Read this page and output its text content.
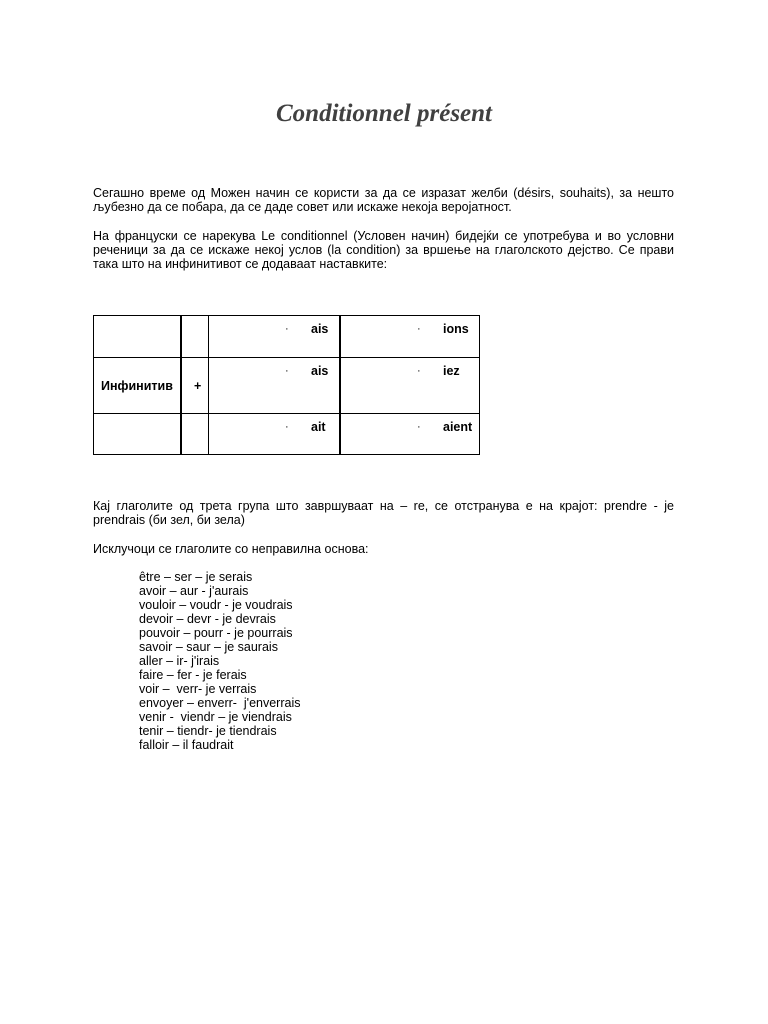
Conditionnel présent
Сегашно време од Можен начин се користи за да се изразат желби (désirs, souhaits), за нешто љубезно да се побара, да се даде совет или искаже некоја веројатност.
На француски се нарекува Le conditionnel (Условен начин) бидејќи се употребува и во условни реченици за да се искаже некој услов (la condition) за вршење на глаголското дејство. Се прави така што на инфинитивот се додаваат наставките:

		· ais	· ions

Инфинитив	+	· ais	· iez

		· ait	· aient
Кај глаголите од трета група што завршуваат на – re, се отстранува е на крајот: prendre - je prendrais (би зел, би зела)
Исклучоци се глаголите со неправилна основа:
être – ser – je serais
avoir – aur - j'aurais
vouloir – voudr - je voudrais
devoir – devr - je devrais
pouvoir – pourr - je pourrais
savoir – saur – je saurais
aller – ir- j'irais
faire – fer - je ferais
voir –  verr- je verrais
envoyer – enverr-  j'enverrais
venir -  viendr – je viendrais
tenir – tiendr- je tiendrais
falloir – il faudrait
